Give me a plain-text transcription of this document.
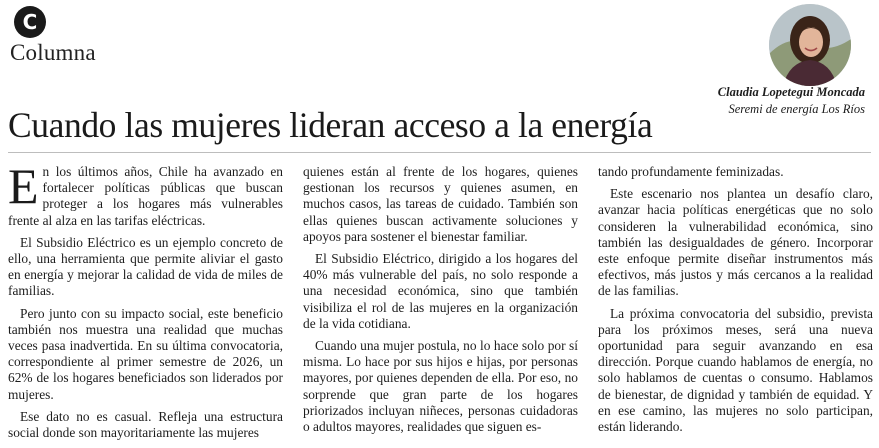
C
Columna
Claudia Lopetegui Moncada
Seremi de energía Los Ríos
Cuando las mujeres lideran acceso a la energía

En los últimos años, Chile ha avanzado en fortalecer políticas públicas que buscan proteger a los hogares más vulnerables frente al alza en las tarifas eléctricas.

El Subsidio Eléctrico es un ejemplo concreto de ello, una herramienta que permite aliviar el gasto en energía y mejorar la calidad de vida de miles de familias.

Pero junto con su impacto social, este beneficio también nos muestra una realidad que muchas veces pasa inadvertida. En su última convocatoria, correspondiente al primer semestre de 2026, un 62% de los hogares beneficiados son liderados por mujeres.

Ese dato no es casual. Refleja una estructura social donde son mayoritariamente las mujeres

quienes están al frente de los hogares, quienes gestionan los recursos y quienes asumen, en muchos casos, las tareas de cuidado. También son ellas quienes buscan activamente soluciones y apoyos para sostener el bienestar familiar.

El Subsidio Eléctrico, dirigido a los hogares del 40% más vulnerable del país, no solo responde a una necesidad económica, sino que también visibiliza el rol de las mujeres en la organización de la vida cotidiana.

Cuando una mujer postula, no lo hace solo por sí misma. Lo hace por sus hijos e hijas, por personas mayores, por quienes dependen de ella. Por eso, no sorprende que gran parte de los hogares priorizados incluyan niñeces, personas cuidadoras o adultos mayores, realidades que siguen es-

tando profundamente feminizadas.

Este escenario nos plantea un desafío claro, avanzar hacia políticas energéticas que no solo consideren la vulnerabilidad económica, sino también las desigualdades de género. Incorporar este enfoque permite diseñar instrumentos más efectivos, más justos y más cercanos a la realidad de las familias.

La próxima convocatoria del subsidio, prevista para los próximos meses, será una nueva oportunidad para seguir avanzando en esa dirección. Porque cuando hablamos de energía, no solo hablamos de cuentas o consumo. Hablamos de bienestar, de dignidad y también de equidad. Y en ese camino, las mujeres no solo participan, están liderando.
